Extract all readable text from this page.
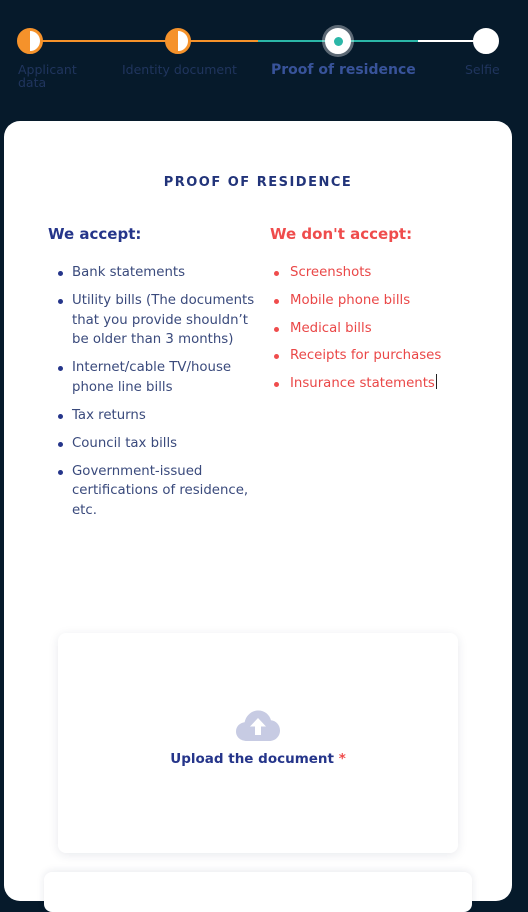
Applicant data
Identity document	Proof of residence	Selfie
PROOF OF RESIDENCE
We accept:
Bank statements
Utility bills (The documents that you provide shouldn’t be older than 3 months)
Internet/cable TV/house phone line bills
Tax returns
Council tax bills
Government-issued certifications of residence, etc.
We don't accept:
Screenshots
Mobile phone bills
Medical bills
Receipts for purchases
Insurance statements
Upload the document *
